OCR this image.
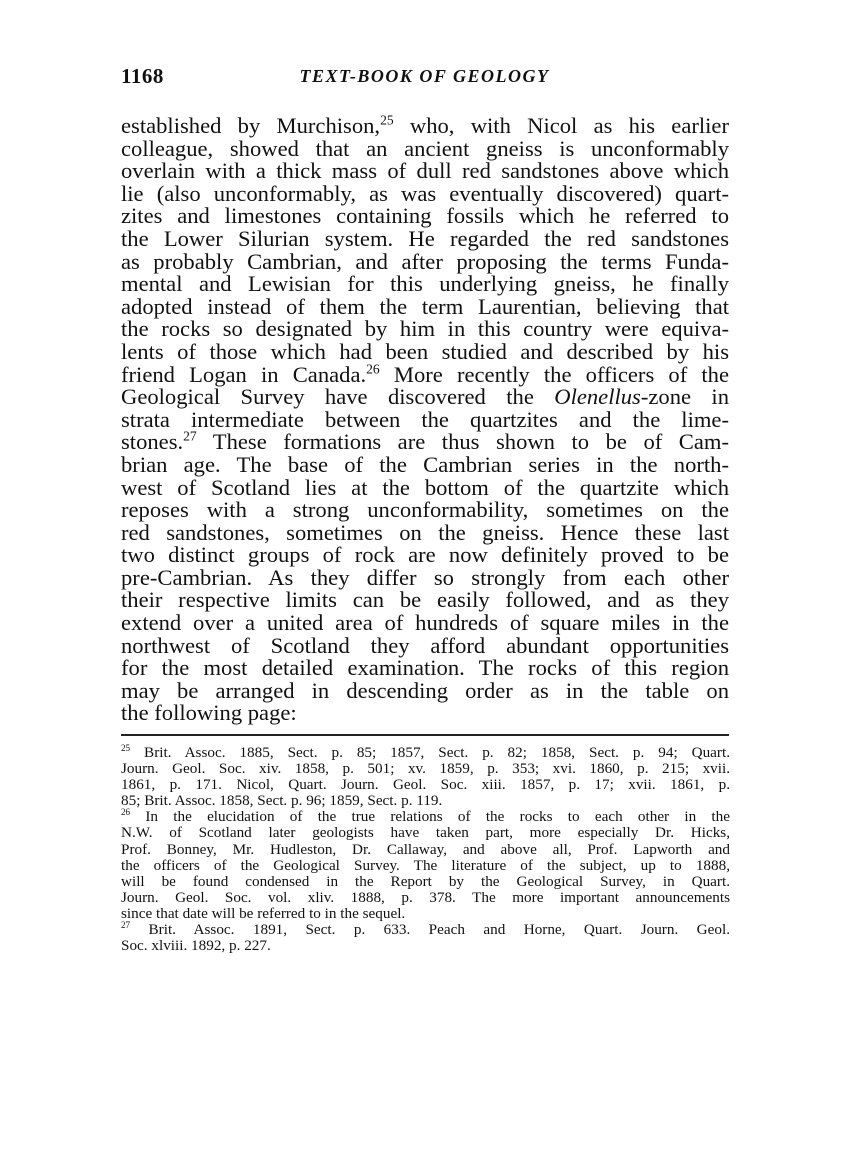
1168	TEXT-BOOK OF GEOLOGY
established by Murchison,$^{25}$ who, with Nicol as his earlier
colleague, showed that an ancient gneiss is unconformably
overlain with a thick mass of dull red sandstones above which
lie (also unconformably, as was eventually discovered) quart-
zites and limestones containing fossils which he referred to
the Lower Silurian system. He regarded the red sandstones
as probably Cambrian, and after proposing the terms Funda-
mental and Lewisian for this underlying gneiss, he finally
adopted instead of them the term Laurentian, believing that
the rocks so designated by him in this country were equiva-
lents of those which had been studied and described by his
friend Logan in Canada.$^{26}$ More recently the officers of the
Geological Survey have discovered the Olenellus-zone in
strata intermediate between the quartzites and the lime-
stones.$^{27}$ These formations are thus shown to be of Cam-
brian age. The base of the Cambrian series in the north-
west of Scotland lies at the bottom of the quartzite which
reposes with a strong unconformability, sometimes on the
red sandstones, sometimes on the gneiss. Hence these last
two distinct groups of rock are now definitely proved to be
pre-Cambrian. As they differ so strongly from each other
their respective limits can be easily followed, and as they
extend over a united area of hundreds of square miles in the
northwest of Scotland they afford abundant opportunities
for the most detailed examination. The rocks of this region
may be arranged in descending order as in the table on
the following page:
$^{25}$ Brit. Assoc. 1885, Sect. p. 85; 1857, Sect. p. 82; 1858, Sect. p. 94; Quart.
Journ. Geol. Soc. xiv. 1858, p. 501; xv. 1859, p. 353; xvi. 1860, p. 215; xvii.
1861, p. 171. Nicol, Quart. Journ. Geol. Soc. xiii. 1857, p. 17; xvii. 1861, p.
85; Brit. Assoc. 1858, Sect. p. 96; 1859, Sect. p. 119.
$^{26}$ In the elucidation of the true relations of the rocks to each other in the
N.W. of Scotland later geologists have taken part, more especially Dr. Hicks,
Prof. Bonney, Mr. Hudleston, Dr. Callaway, and above all, Prof. Lapworth and
the officers of the Geological Survey. The literature of the subject, up to 1888,
will be found condensed in the Report by the Geological Survey, in Quart.
Journ. Geol. Soc. vol. xliv. 1888, p. 378. The more important announcements
since that date will be referred to in the sequel.
$^{27}$ Brit. Assoc. 1891, Sect. p. 633. Peach and Horne, Quart. Journ. Geol.
Soc. xlviii. 1892, p. 227.
